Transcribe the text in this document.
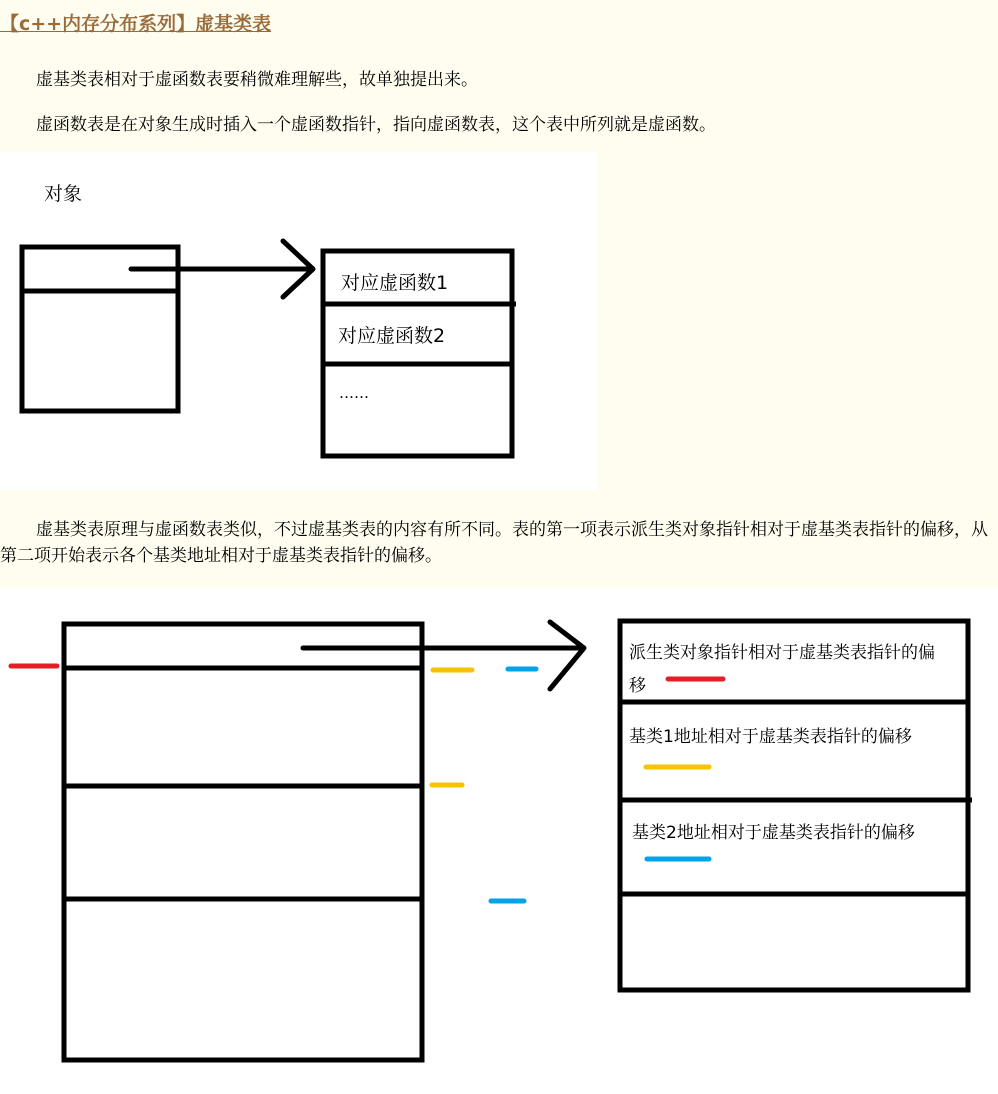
【c++内存分布系列】虚基类表

虚基类表相对于虚函数表要稍微难理解些，故单独提出来。

虚函数表是在对象生成时插入一个虚函数指针，指向虚函数表，这个表中所列就是虚函数。

对象
对应虚函数1
对应虚函数2
……

虚基类表原理与虚函数表类似，不过虚基类表的内容有所不同。表的第一项表示派生类对象指针相对于虚基类表指针的偏移，从第二项开始表示各个基类地址相对于虚基类表指针的偏移。

派生类对象指针相对于虚基类表指针的偏
移
基类1地址相对于虚基类表指针的偏移
基类2地址相对于虚基类表指针的偏移
